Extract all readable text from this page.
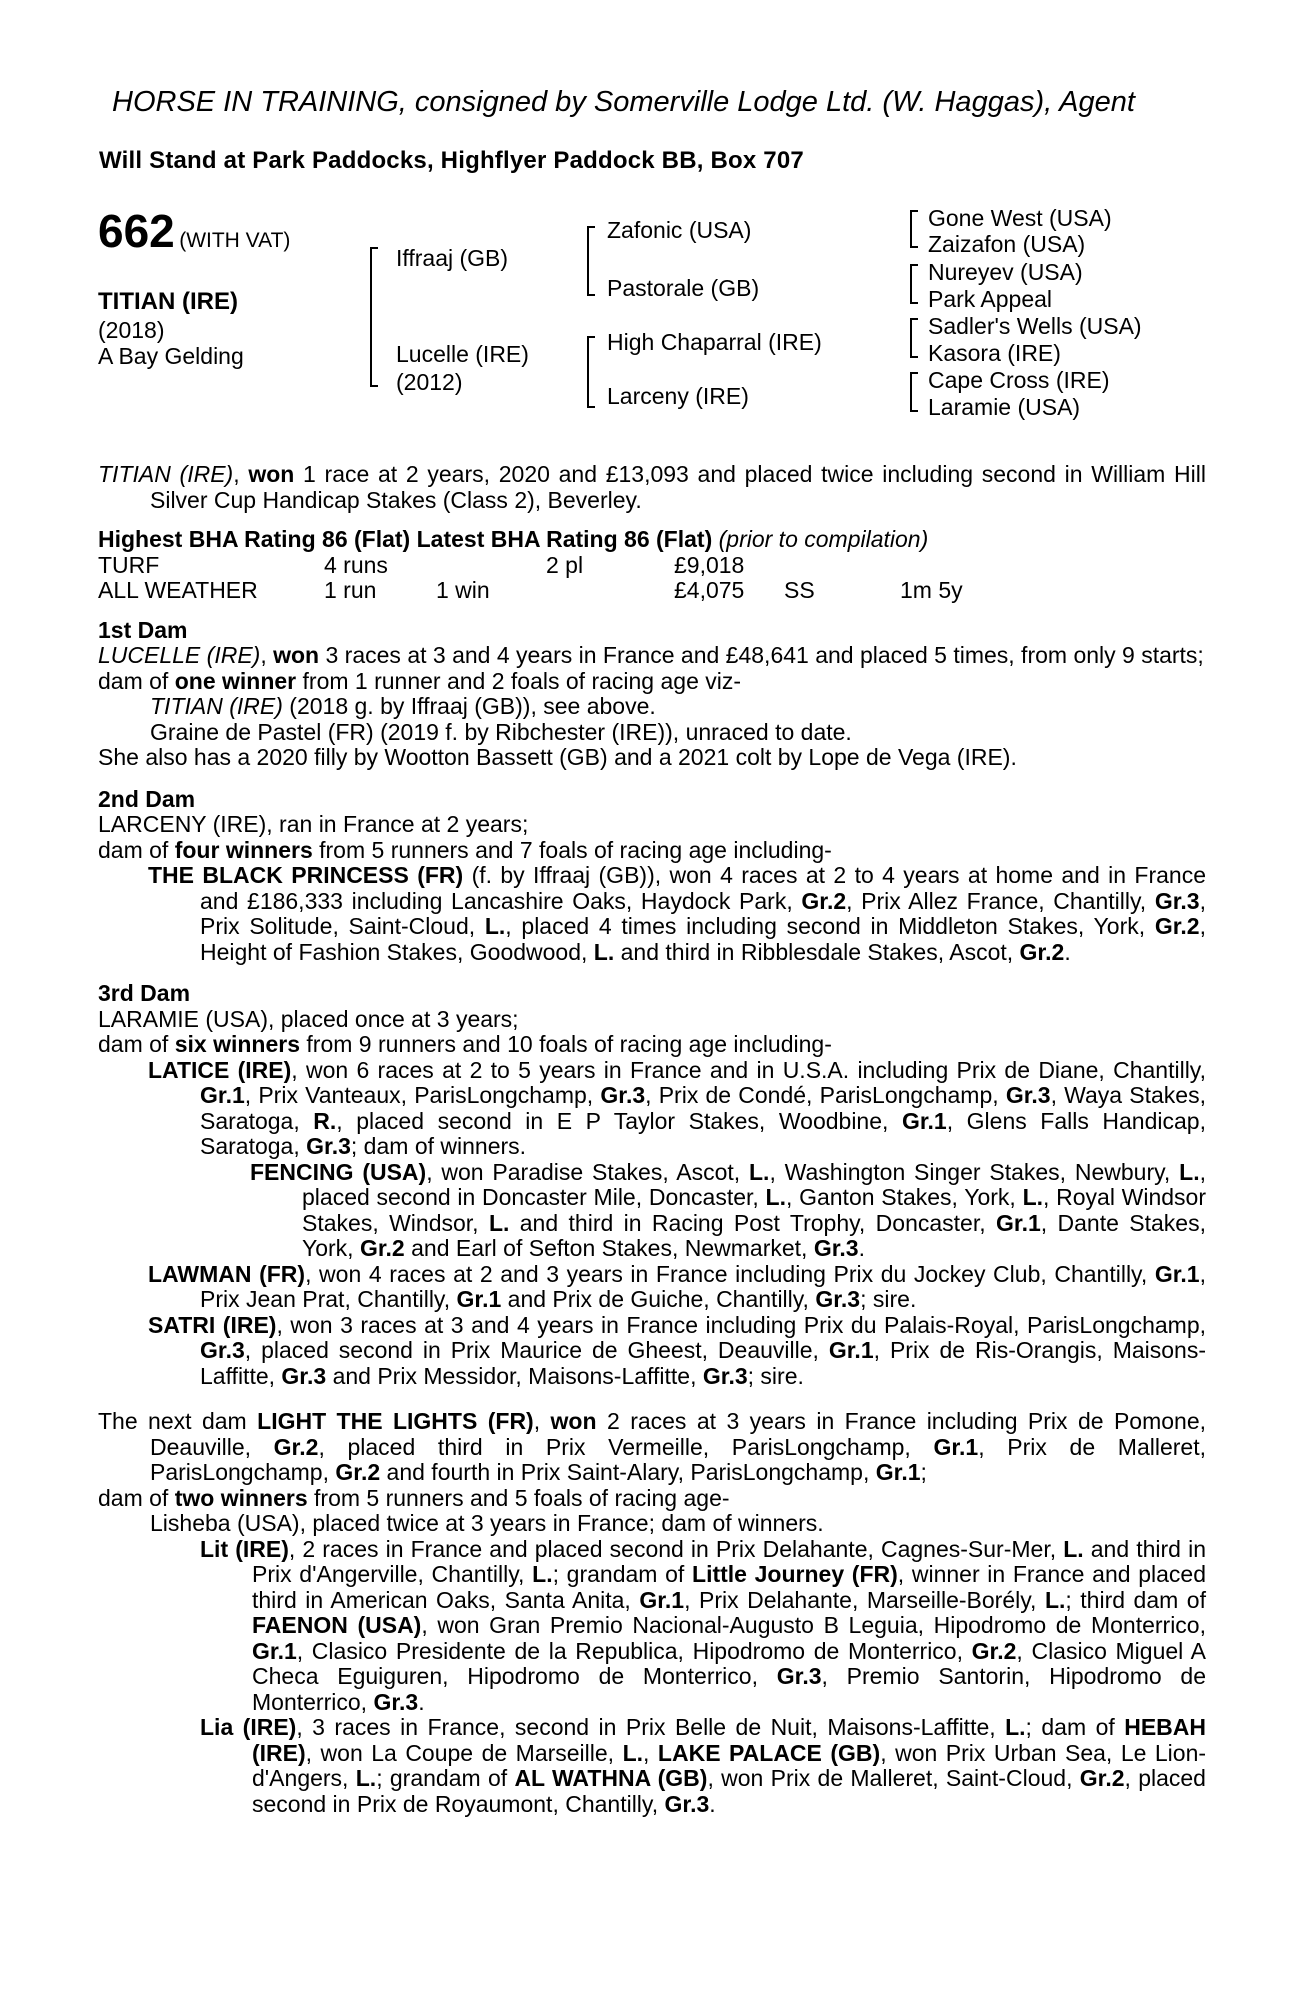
HORSE IN TRAINING, consigned by Somerville Lodge Ltd. (W. Haggas), Agent
Will Stand at Park Paddocks, Highflyer Paddock BB, Box 707
662 (WITH VAT)
TITIAN (IRE)
(2018)
A Bay Gelding
Iffraaj (GB)
Lucelle (IRE)
(2012)
Zafonic (USA)
Pastorale (GB)
High Chaparral (IRE)
Larceny (IRE)
Gone West (USA)
Zaizafon (USA)
Nureyev (USA)
Park Appeal
Sadler's Wells (USA)
Kasora (IRE)
Cape Cross (IRE)
Laramie (USA)

TITIAN (IRE), won 1 race at 2 years, 2020 and £13,093 and placed twice including second in William Hill Silver Cup Handicap Stakes (Class 2), Beverley.

Highest BHA Rating 86 (Flat) Latest BHA Rating 86 (Flat) (prior to compilation)

TURF	4 runs		2 pl	£9,018		
ALL WEATHER	1 run	1 win		£4,075	SS	1m 5y

1st Dam

LUCELLE (IRE), won 3 races at 3 and 4 years in France and £48,641 and placed 5 times, from only 9 starts;

dam of one winner from 1 runner and 2 foals of racing age viz-

TITIAN (IRE) (2018 g. by Iffraaj (GB)), see above.

Graine de Pastel (FR) (2019 f. by Ribchester (IRE)), unraced to date.

She also has a 2020 filly by Wootton Bassett (GB) and a 2021 colt by Lope de Vega (IRE).

2nd Dam

LARCENY (IRE), ran in France at 2 years;

dam of four winners from 5 runners and 7 foals of racing age including-

THE BLACK PRINCESS (FR) (f. by Iffraaj (GB)), won 4 races at 2 to 4 years at home and in France and £186,333 including Lancashire Oaks, Haydock Park, Gr.2, Prix Allez France, Chantilly, Gr.3, Prix Solitude, Saint-Cloud, L., placed 4 times including second in Middleton Stakes, York, Gr.2, Height of Fashion Stakes, Goodwood, L. and third in Ribblesdale Stakes, Ascot, Gr.2.

3rd Dam

LARAMIE (USA), placed once at 3 years;

dam of six winners from 9 runners and 10 foals of racing age including-

LATICE (IRE), won 6 races at 2 to 5 years in France and in U.S.A. including Prix de Diane, Chantilly, Gr.1, Prix Vanteaux, ParisLongchamp, Gr.3, Prix de Condé, ParisLongchamp, Gr.3, Waya Stakes, Saratoga, R., placed second in E P Taylor Stakes, Woodbine, Gr.1, Glens Falls Handicap, Saratoga, Gr.3; dam of winners.

FENCING (USA), won Paradise Stakes, Ascot, L., Washington Singer Stakes, Newbury, L., placed second in Doncaster Mile, Doncaster, L., Ganton Stakes, York, L., Royal Windsor Stakes, Windsor, L. and third in Racing Post Trophy, Doncaster, Gr.1, Dante Stakes, York, Gr.2 and Earl of Sefton Stakes, Newmarket, Gr.3.

LAWMAN (FR), won 4 races at 2 and 3 years in France including Prix du Jockey Club, Chantilly, Gr.1, Prix Jean Prat, Chantilly, Gr.1 and Prix de Guiche, Chantilly, Gr.3; sire.

SATRI (IRE), won 3 races at 3 and 4 years in France including Prix du Palais-Royal, ParisLongchamp, Gr.3, placed second in Prix Maurice de Gheest, Deauville, Gr.1, Prix de Ris-Orangis, Maisons-Laffitte, Gr.3 and Prix Messidor, Maisons-Laffitte, Gr.3; sire.

The next dam LIGHT THE LIGHTS (FR), won 2 races at 3 years in France including Prix de Pomone, Deauville, Gr.2, placed third in Prix Vermeille, ParisLongchamp, Gr.1, Prix de Malleret, ParisLongchamp, Gr.2 and fourth in Prix Saint-Alary, ParisLongchamp, Gr.1;

dam of two winners from 5 runners and 5 foals of racing age-

Lisheba (USA), placed twice at 3 years in France; dam of winners.

Lit (IRE), 2 races in France and placed second in Prix Delahante, Cagnes-Sur-Mer, L. and third in Prix d'Angerville, Chantilly, L.; grandam of Little Journey (FR), winner in France and placed third in American Oaks, Santa Anita, Gr.1, Prix Delahante, Marseille-Borély, L.; third dam of FAENON (USA), won Gran Premio Nacional-Augusto B Leguia, Hipodromo de Monterrico, Gr.1, Clasico Presidente de la Republica, Hipodromo de Monterrico, Gr.2, Clasico Miguel A Checa Eguiguren, Hipodromo de Monterrico, Gr.3, Premio Santorin, Hipodromo de Monterrico, Gr.3.

Lia (IRE), 3 races in France, second in Prix Belle de Nuit, Maisons-Laffitte, L.; dam of HEBAH (IRE), won La Coupe de Marseille, L., LAKE PALACE (GB), won Prix Urban Sea, Le Lion-d'Angers, L.; grandam of AL WATHNA (GB), won Prix de Malleret, Saint-Cloud, Gr.2, placed second in Prix de Royaumont, Chantilly, Gr.3.
